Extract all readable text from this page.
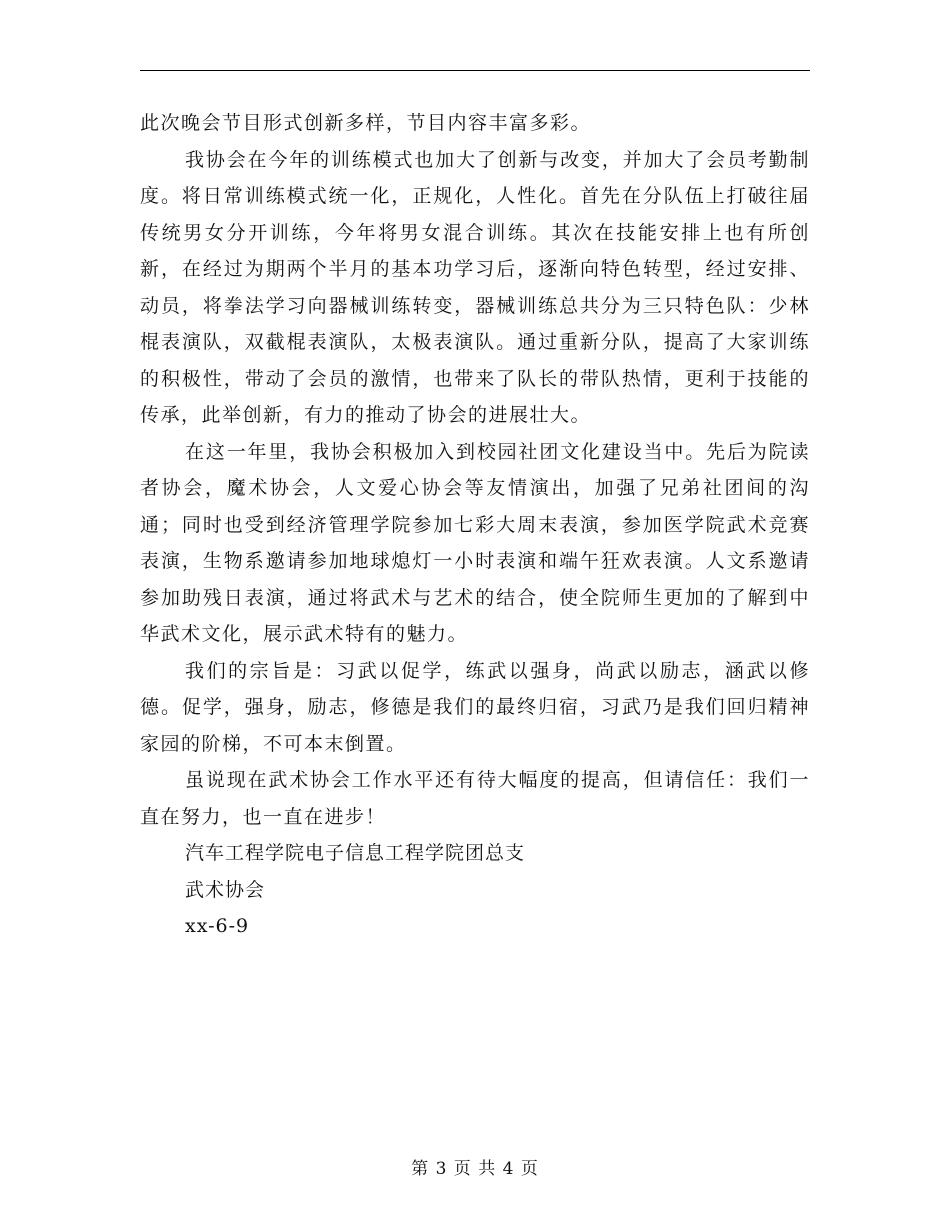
此次晚会节目形式创新多样，节目内容丰富多彩。

我协会在今年的训练模式也加大了创新与改变，并加大了会员考勤制度。将日常训练模式统一化，正规化，人性化。首先在分队伍上打破往届传统男女分开训练，今年将男女混合训练。其次在技能安排上也有所创新，在经过为期两个半月的基本功学习后，逐渐向特色转型，经过安排、动员，将拳法学习向器械训练转变，器械训练总共分为三只特色队：少林棍表演队，双截棍表演队，太极表演队。通过重新分队，提高了大家训练的积极性，带动了会员的激情，也带来了队长的带队热情，更利于技能的传承，此举创新，有力的推动了协会的进展壮大。

在这一年里，我协会积极加入到校园社团文化建设当中。先后为院读者协会，魔术协会，人文爱心协会等友情演出，加强了兄弟社团间的沟通；同时也受到经济管理学院参加七彩大周末表演，参加医学院武术竞赛表演，生物系邀请参加地球熄灯一小时表演和端午狂欢表演。人文系邀请参加助残日表演，通过将武术与艺术的结合，使全院师生更加的了解到中华武术文化，展示武术特有的魅力。

我们的宗旨是：习武以促学，练武以强身，尚武以励志，涵武以修德。促学，强身，励志，修德是我们的最终归宿，习武乃是我们回归精神家园的阶梯，不可本末倒置。

虽说现在武术协会工作水平还有待大幅度的提高，但请信任：我们一直在努力，也一直在进步！

汽车工程学院电子信息工程学院团总支

武术协会

xx-6-9

第 3 页 共 4 页
